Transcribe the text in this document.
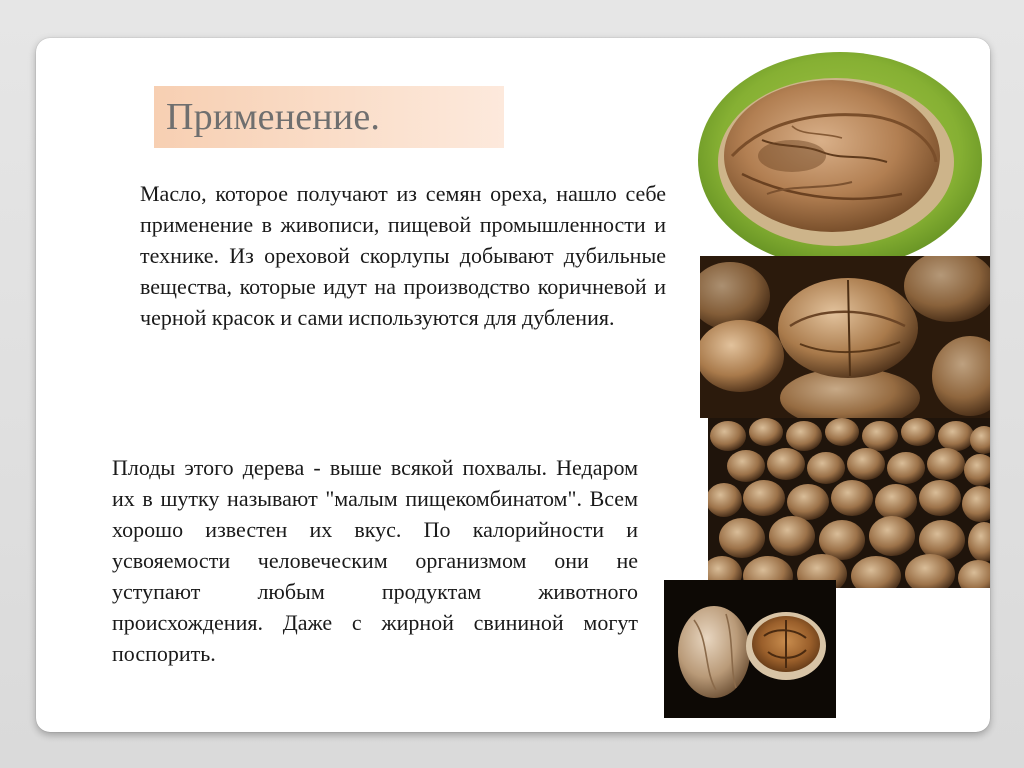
Применение.

Масло, которое получают из семян ореха, нашло себе применение в живописи, пищевой промышленности и технике. Из ореховой скорлупы добывают дубильные вещества, которые идут на производство коричневой и черной красок и сами используются для дубления.

Плоды этого дерева - выше всякой похвалы. Недаром их в шутку называют "малым пищекомбинатом". Всем хорошо известен их вкус. По калорийности и усвояемости человеческим организмом они не уступают любым продуктам животного происхождения. Даже с жирной свининой могут поспорить.
